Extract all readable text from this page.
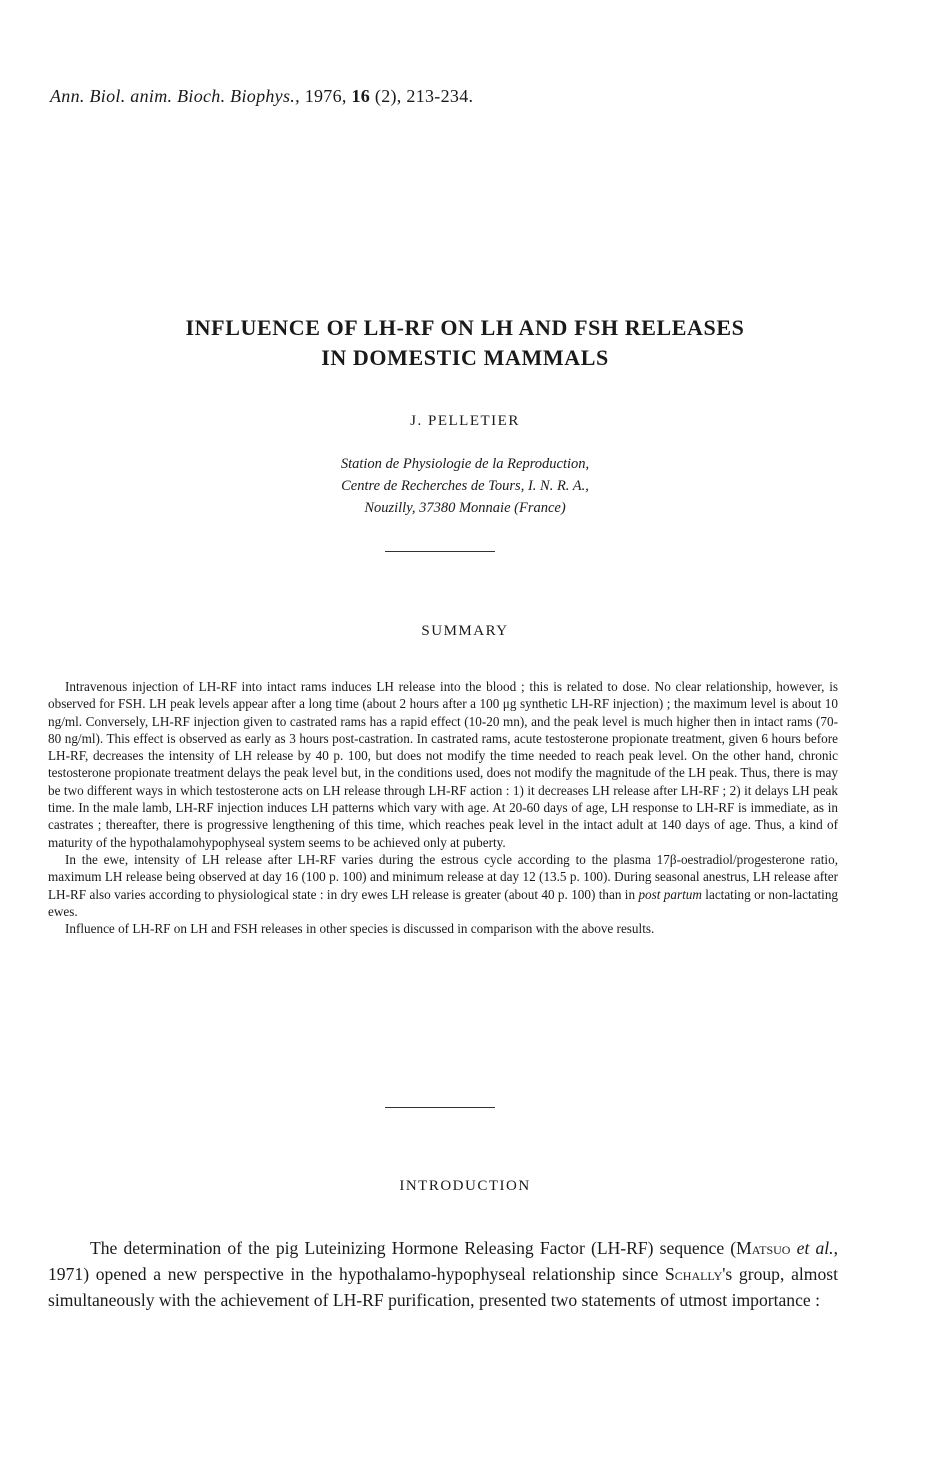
Ann. Biol. anim. Bioch. Biophys., 1976, 16 (2), 213-234.
INFLUENCE OF LH-RF ON LH AND FSH RELEASES
IN DOMESTIC MAMMALS
J. PELLETIER
Station de Physiologie de la Reproduction,
Centre de Recherches de Tours, I. N. R. A.,
Nouzilly, 37380 Monnaie (France)
SUMMARY

Intravenous injection of LH-RF into intact rams induces LH release into the blood ; this is related to dose. No clear relationship, however, is observed for FSH. LH peak levels appear after a long time (about 2 hours after a 100 μg synthetic LH-RF injection) ; the maximum level is about 10 ng/ml. Conversely, LH-RF injection given to castrated rams has a rapid effect (10-20 mn), and the peak level is much higher then in intact rams (70-80 ng/ml). This effect is observed as early as 3 hours post-castration. In castrated rams, acute testosterone propionate treatment, given 6 hours before LH-RF, decreases the intensity of LH release by 40 p. 100, but does not modify the time needed to reach peak level. On the other hand, chronic testosterone propionate treatment delays the peak level but, in the conditions used, does not modify the magnitude of the LH peak. Thus, there is may be two different ways in which testosterone acts on LH release through LH-RF action : 1) it decreases LH release after LH-RF ; 2) it delays LH peak time. In the male lamb, LH-RF injection induces LH patterns which vary with age. At 20-60 days of age, LH response to LH-RF is immediate, as in castrates ; thereafter, there is progressive lengthening of this time, which reaches peak level in the intact adult at 140 days of age. Thus, a kind of maturity of the hypothalamohypophyseal system seems to be achieved only at puberty.

In the ewe, intensity of LH release after LH-RF varies during the estrous cycle according to the plasma 17β-oestradiol/progesterone ratio, maximum LH release being observed at day 16 (100 p. 100) and minimum release at day 12 (13.5 p. 100). During seasonal anestrus, LH release after LH-RF also varies according to physiological state : in dry ewes LH release is greater (about 40 p. 100) than in post partum lactating or non-lactating ewes.

Influence of LH-RF on LH and FSH releases in other species is discussed in comparison with the above results.

INTRODUCTION

The determination of the pig Luteinizing Hormone Releasing Factor (LH-RF) sequence (Matsuo et al., 1971) opened a new perspective in the hypothalamo-hypophyseal relationship since Schally's group, almost simultaneously with the achievement of LH-RF purification, presented two statements of utmost importance :
